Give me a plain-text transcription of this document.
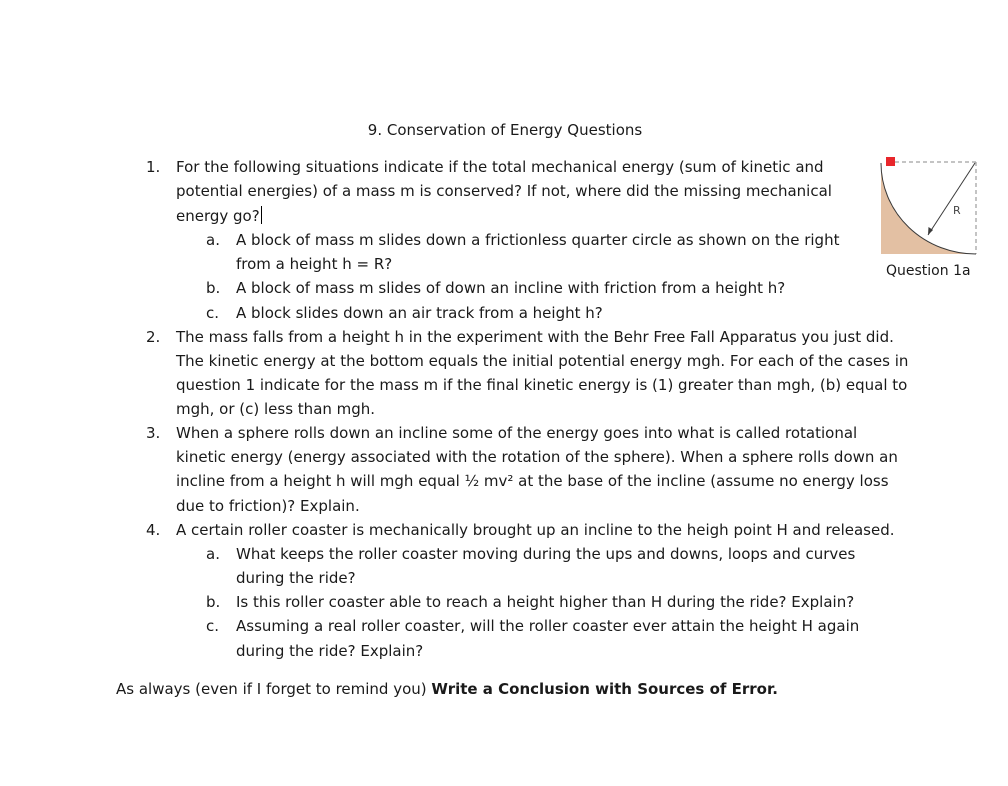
9. Conservation of Energy Questions
1. For the following situations indicate if the total mechanical energy (sum of kinetic and
potential energies) of a mass m is conserved? If not, where did the missing mechanical
energy go?
a. A block of mass m slides down a frictionless quarter circle as shown on the right
from a height h = R?
b. A block of mass m slides of down an incline with friction from a height h?
c. A block slides down an air track from a height h?
2. The mass falls from a height h in the experiment with the Behr Free Fall Apparatus you just did.
The kinetic energy at the bottom equals the initial potential energy mgh. For each of the cases in
question 1 indicate for the mass m if the final kinetic energy is (1) greater than mgh, (b) equal to
mgh, or (c) less than mgh.
3. When a sphere rolls down an incline some of the energy goes into what is called rotational
kinetic energy (energy associated with the rotation of the sphere). When a sphere rolls down an
incline from a height h will mgh equal ½ mv² at the base of the incline (assume no energy loss
due to friction)? Explain.
4. A certain roller coaster is mechanically brought up an incline to the heigh point H and released.
a. What keeps the roller coaster moving during the ups and downs, loops and curves
during the ride?
b. Is this roller coaster able to reach a height higher than H during the ride? Explain?
c. Assuming a real roller coaster, will the roller coaster ever attain the height H again
during the ride? Explain?
R
Question 1a
As always (even if I forget to remind you) Write a Conclusion with Sources of Error.
